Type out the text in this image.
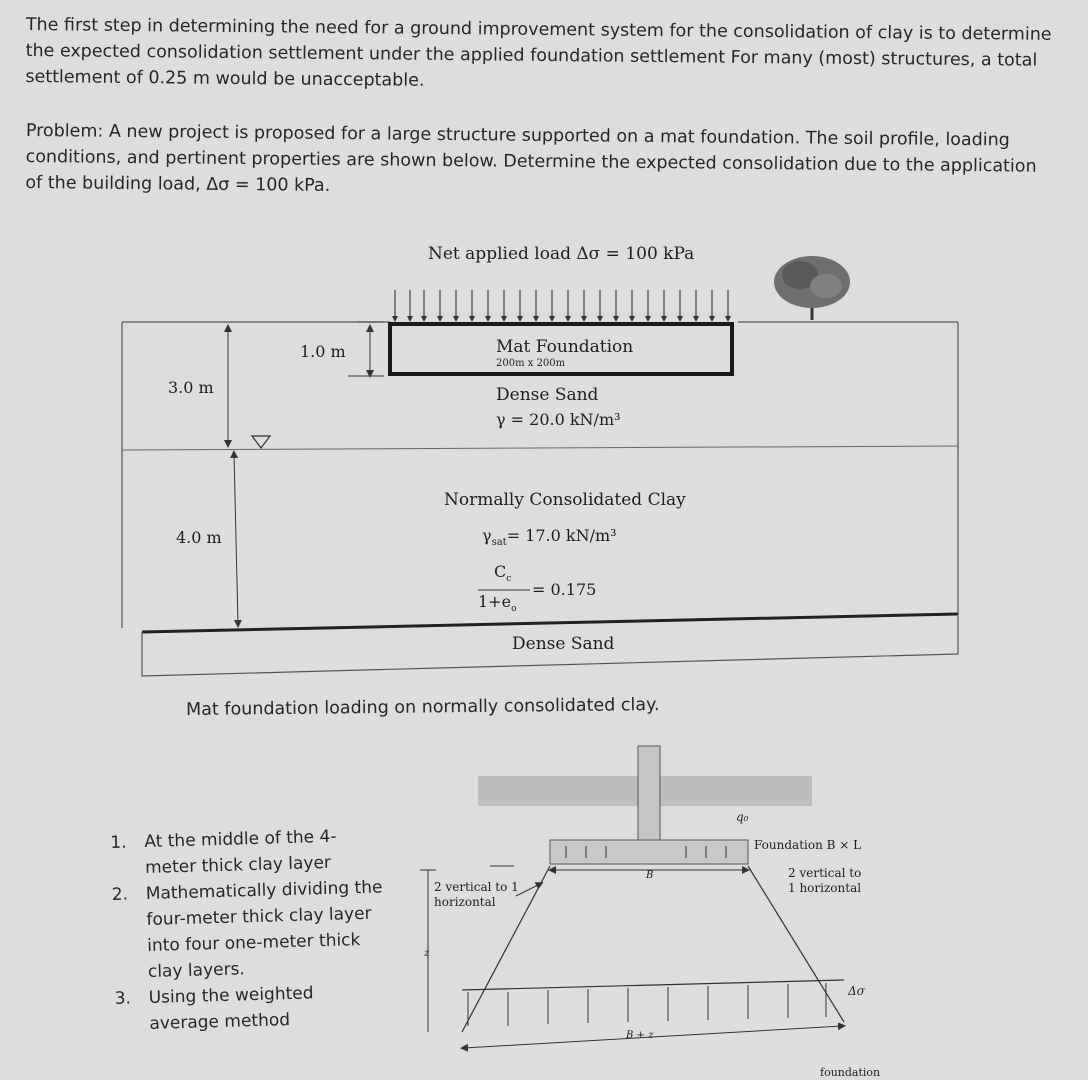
The first step in determining the need for a ground improvement system for the consolidation of clay is to determine the expected consolidation settlement under the applied foundation settlement For many (most) structures, a total settlement of 0.25 m would be unacceptable.
Problem: A new project is proposed for a large structure supported on a mat foundation. The soil profile, loading conditions, and pertinent properties are shown below. Determine the expected consolidation due to the application of the building load, Δσ = 100 kPa.
Net applied load Δσ = 100 kPa
3.0 m
1.0 m	Mat Foundation
200m x 200m
Dense Sand
γ = 20.0 kN/m³
4.0 m
Normally Consolidated Clay
$\gamma_{sat}= 17.0$ kN/m³
$C_c$
$1+e_o$
= 0.175
Dense Sand
Mat foundation loading on normally consolidated clay.
1.	At the middle of the 4-meter thick clay layer
2.	Mathematically dividing the four-meter thick clay layer into four one-meter thick clay layers.
3.	Using the weighted average method
q₀
Foundation B × L
B
2 vertical to 1 horizontal
2 vertical to 1 horizontal
z
Δσ
B + z
foundation
